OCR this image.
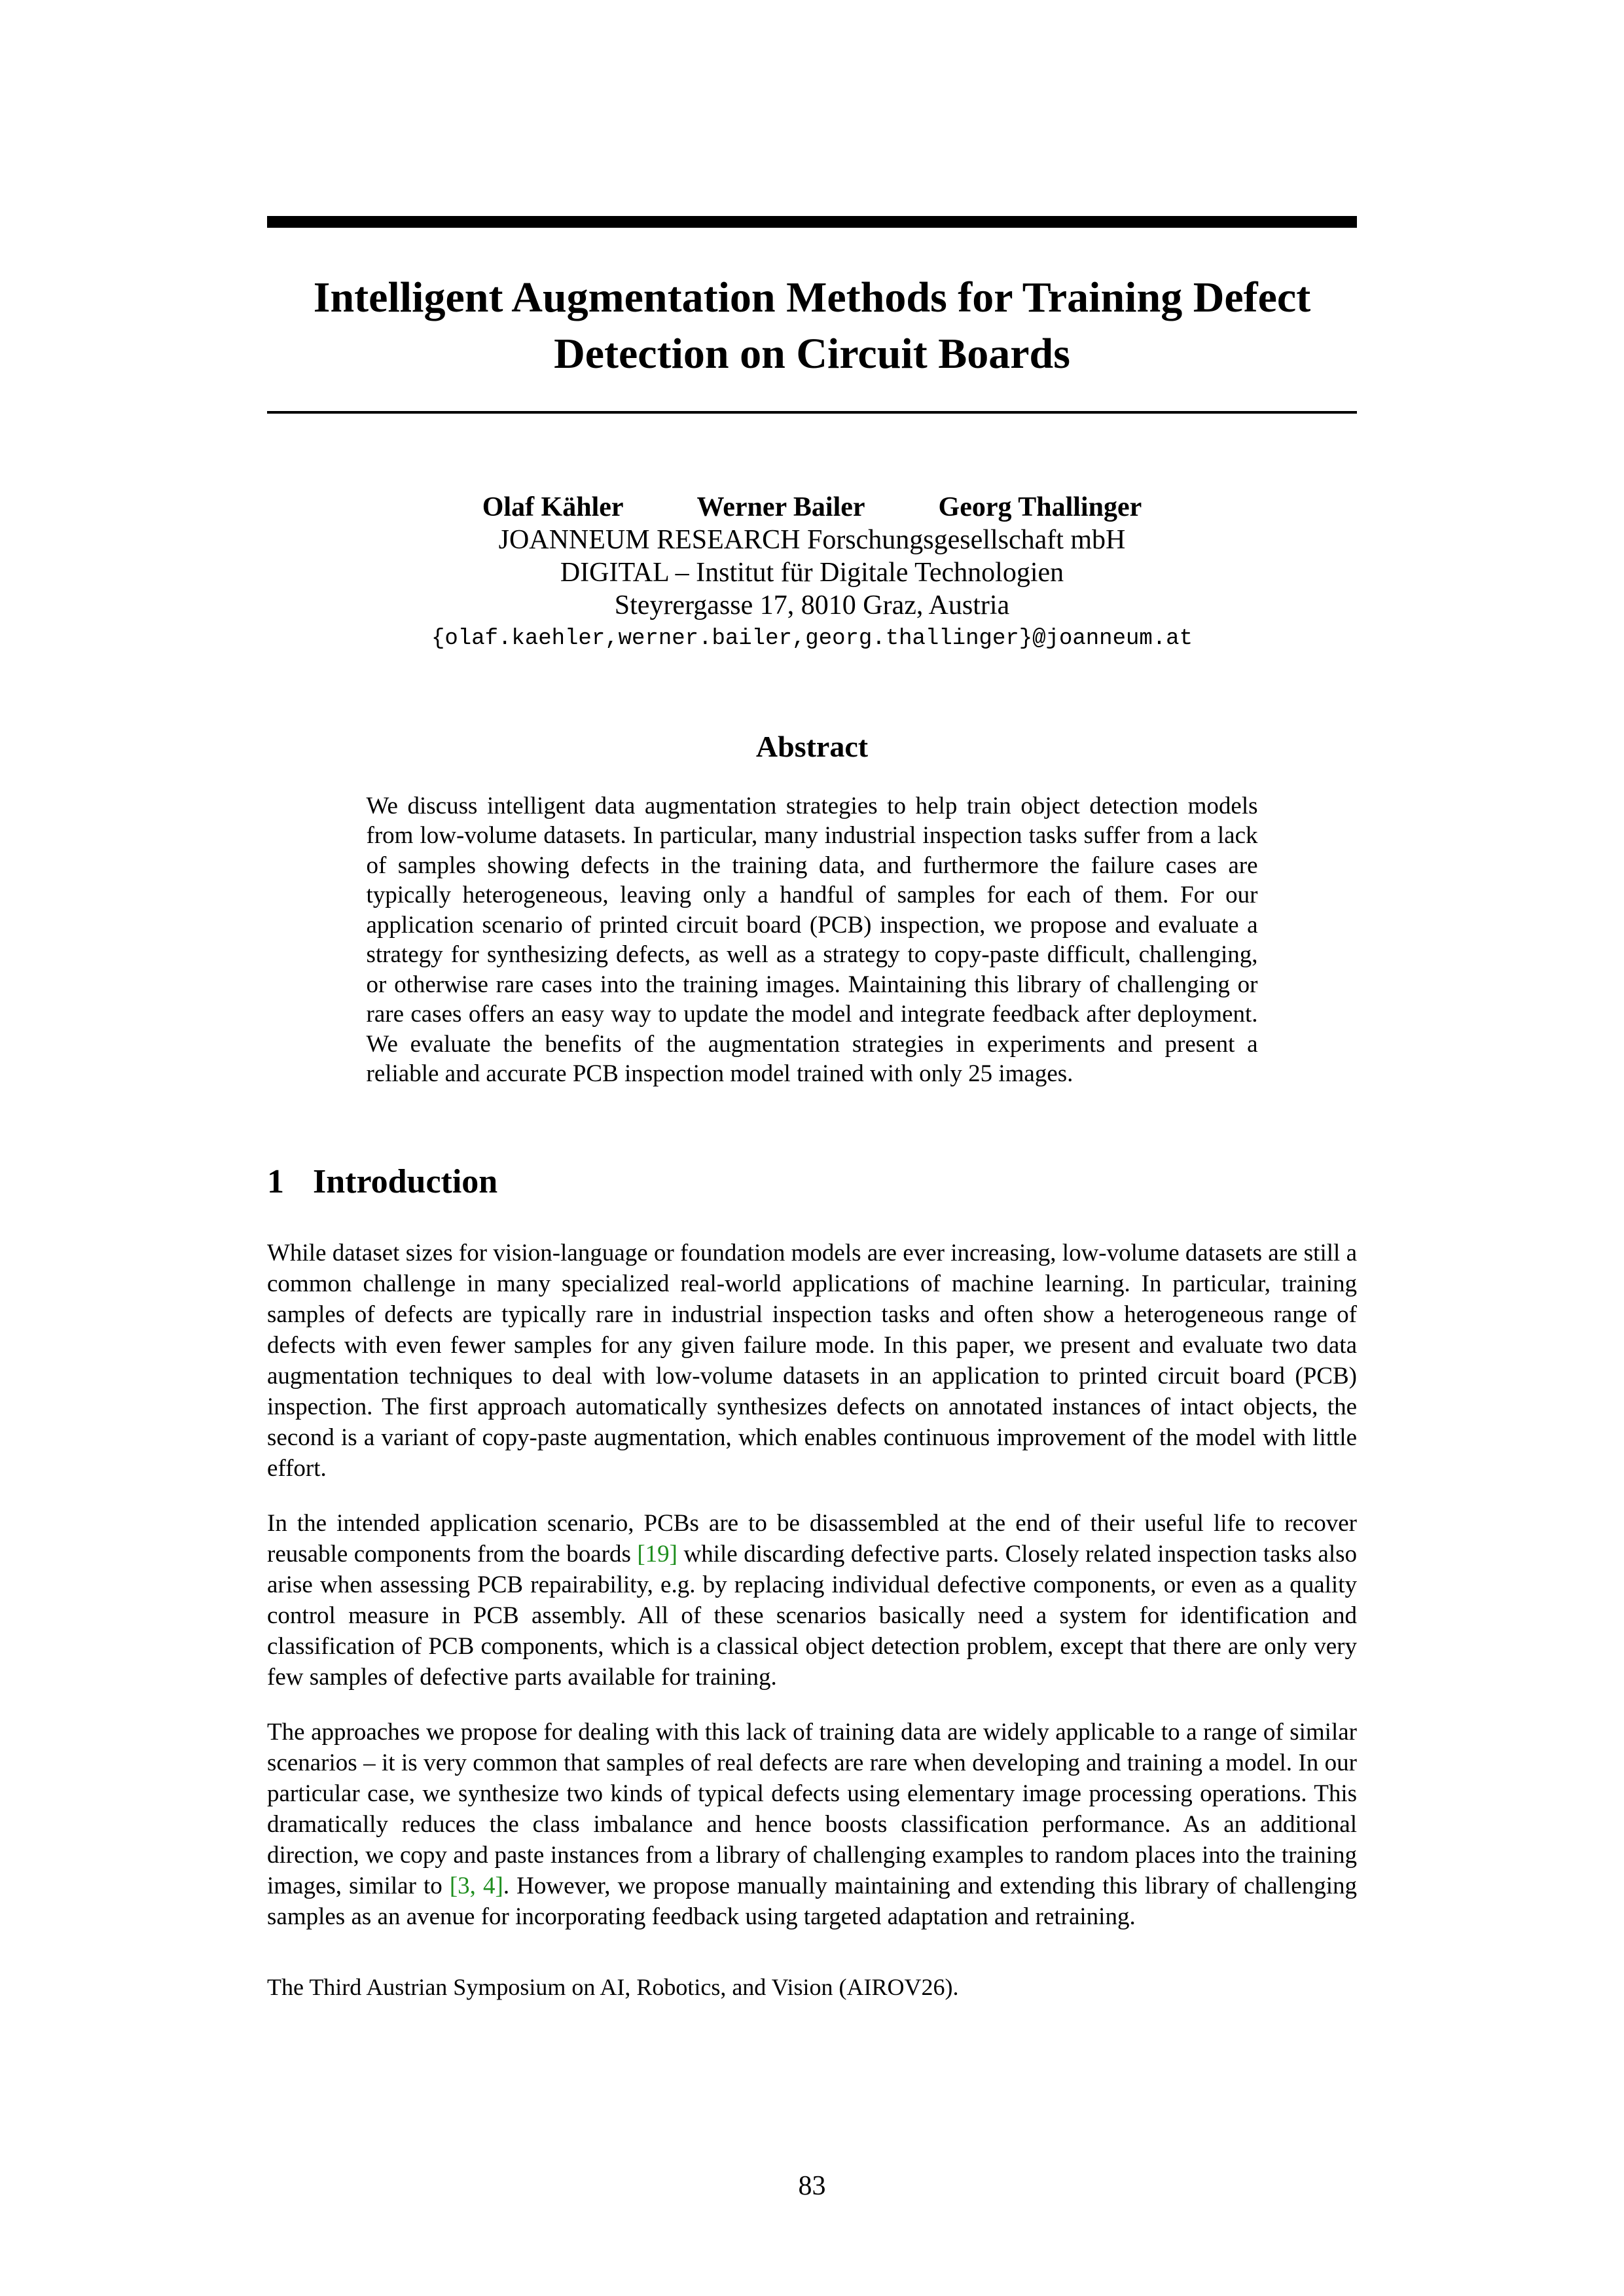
Intelligent Augmentation Methods for Training Defect
Detection on Circuit Boards
Olaf Kähler	Werner Bailer	Georg Thallinger
JOANNEUM RESEARCH Forschungsgesellschaft mbH
DIGITAL – Institut für Digitale Technologien
Steyrergasse 17, 8010 Graz, Austria
{olaf.kaehler,werner.bailer,georg.thallinger}@joanneum.at
Abstract
We discuss intelligent data augmentation strategies to help train object detection models from low-volume datasets. In particular, many industrial inspection tasks suffer from a lack of samples showing defects in the training data, and furthermore the failure cases are typically heterogeneous, leaving only a handful of samples for each of them. For our application scenario of printed circuit board (PCB) inspection, we propose and evaluate a strategy for synthesizing defects, as well as a strategy to copy-paste difficult, challenging, or otherwise rare cases into the training images. Maintaining this library of challenging or rare cases offers an easy way to update the model and integrate feedback after deployment. We evaluate the benefits of the augmentation strategies in experiments and present a reliable and accurate PCB inspection model trained with only 25 images.
1 Introduction

While dataset sizes for vision-language or foundation models are ever increasing, low-volume datasets are still a common challenge in many specialized real-world applications of machine learning. In particular, training samples of defects are typically rare in industrial inspection tasks and often show a heterogeneous range of defects with even fewer samples for any given failure mode. In this paper, we present and evaluate two data augmentation techniques to deal with low-volume datasets in an application to printed circuit board (PCB) inspection. The first approach automatically synthesizes defects on annotated instances of intact objects, the second is a variant of copy-paste augmentation, which enables continuous improvement of the model with little effort.

In the intended application scenario, PCBs are to be disassembled at the end of their useful life to recover reusable components from the boards [19] while discarding defective parts. Closely related inspection tasks also arise when assessing PCB repairability, e.g. by replacing individual defective components, or even as a quality control measure in PCB assembly. All of these scenarios basically need a system for identification and classification of PCB components, which is a classical object detection problem, except that there are only very few samples of defective parts available for training.

The approaches we propose for dealing with this lack of training data are widely applicable to a range of similar scenarios – it is very common that samples of real defects are rare when developing and training a model. In our particular case, we synthesize two kinds of typical defects using elementary image processing operations. This dramatically reduces the class imbalance and hence boosts classification performance. As an additional direction, we copy and paste instances from a library of challenging examples to random places into the training images, similar to [3, 4]. However, we propose manually maintaining and extending this library of challenging samples as an avenue for incorporating feedback using targeted adaptation and retraining.

The Third Austrian Symposium on AI, Robotics, and Vision (AIROV26).
83
